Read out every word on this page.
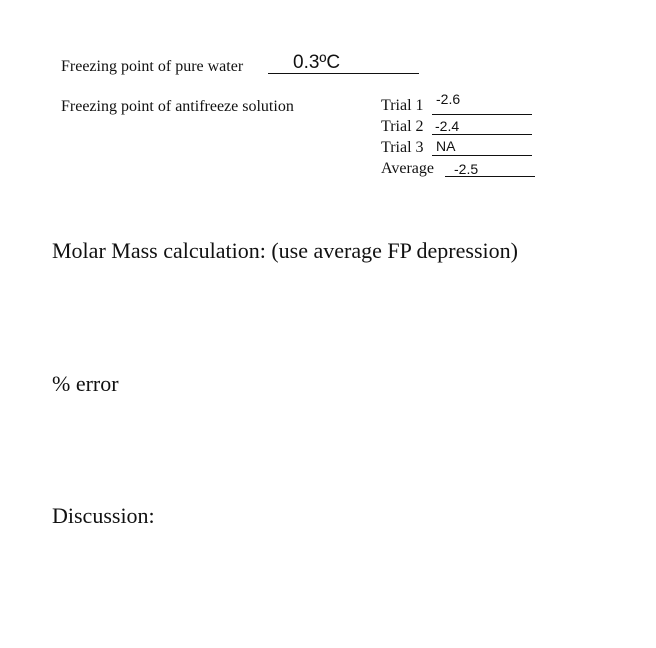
Freezing point of pure water	0.3ºC
Freezing point of antifreeze solution	Trial 1 -2.6
Trial 2 -2.4
Trial 3 NA
Average -2.5
Molar Mass calculation: (use average FP depression)
% error
Discussion:
